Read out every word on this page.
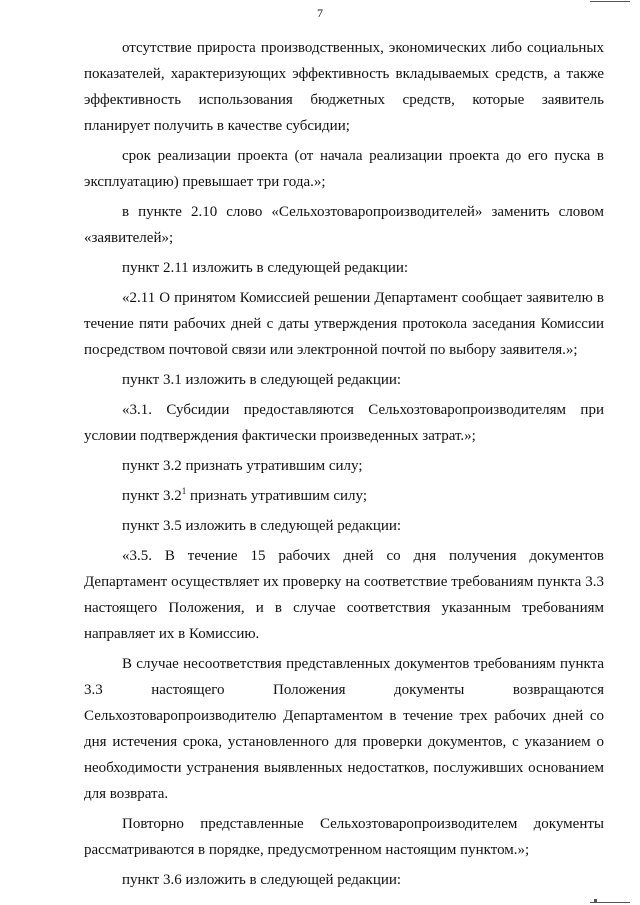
7

отсутствие прироста производственных, экономических либо социальных показателей, характеризующих эффективность вкладываемых средств, а также эффективность использования бюджетных средств, которые заявитель планирует получить в качестве субсидии;

срок реализации проекта (от начала реализации проекта до его пуска в эксплуатацию) превышает три года.»;

в пункте 2.10 слово «Сельхозтоваропроизводителей» заменить словом «заявителей»;

пункт 2.11 изложить в следующей редакции:

«2.11 О принятом Комиссией решении Департамент сообщает заявителю в течение пяти рабочих дней с даты утверждения протокола заседания Комиссии посредством почтовой связи или электронной почтой по выбору заявителя.»;

пункт 3.1 изложить в следующей редакции:

«3.1. Субсидии предоставляются Сельхозтоваропроизводителям при условии подтверждения фактически произведенных затрат.»;

пункт 3.2 признать утратившим силу;

пункт $3.2^1$ признать утратившим силу;

пункт 3.5 изложить в следующей редакции:

«3.5. В течение 15 рабочих дней со дня получения документов Департамент осуществляет их проверку на соответствие требованиям пункта 3.3 настоящего Положения, и в случае соответствия указанным требованиям направляет их в Комиссию.

В случае несоответствия представленных документов требованиям пункта 3.3 настоящего Положения документы возвращаются Сельхозтоваропроизводителю Департаментом в течение трех рабочих дней со дня истечения срока, установленного для проверки документов, с указанием о необходимости устранения выявленных недостатков, послуживших основанием для возврата.

Повторно представленные Сельхозтоваропроизводителем документы рассматриваются в порядке, предусмотренном настоящим пунктом.»;

пункт 3.6 изложить в следующей редакции:
